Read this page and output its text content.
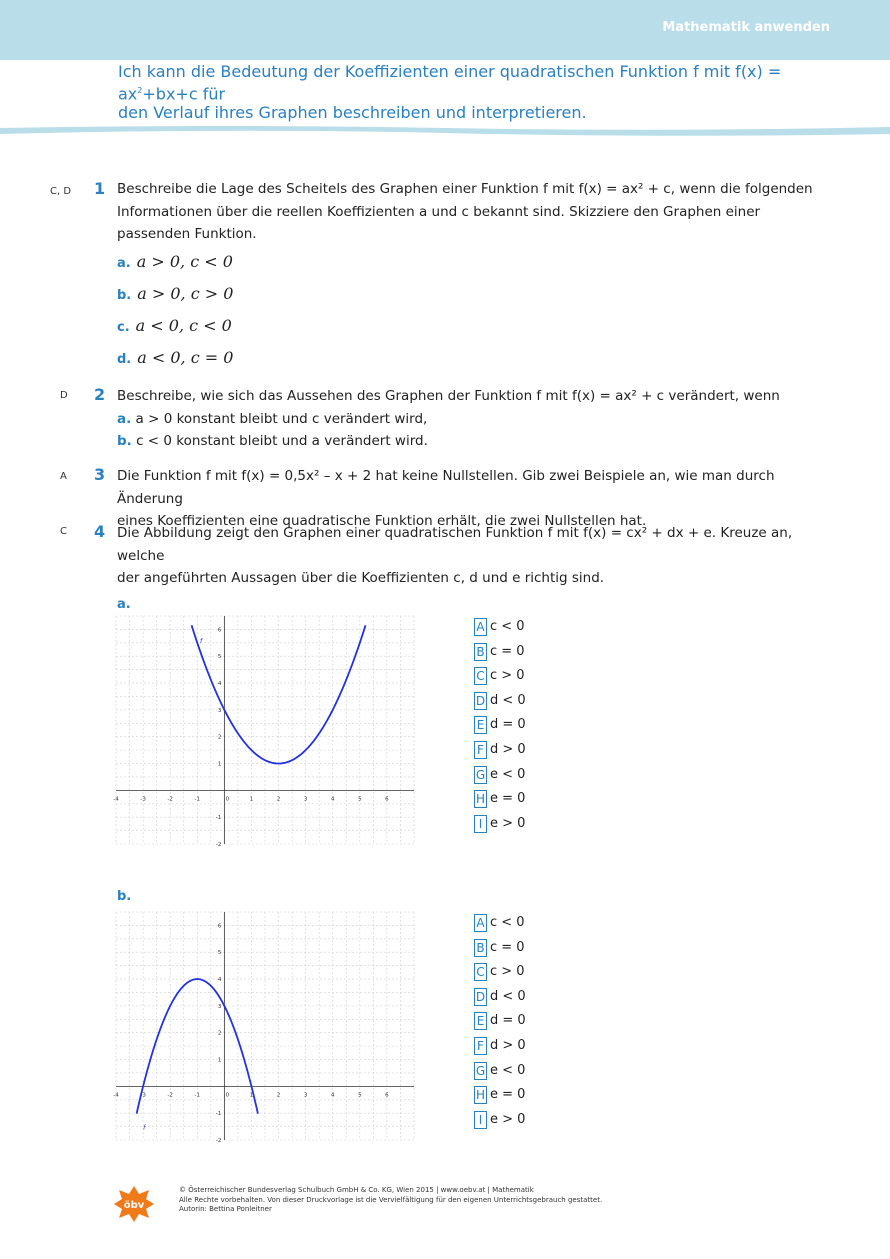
Mathematik anwenden
Ich kann die Bedeutung der Koeffizienten einer quadratischen Funktion f mit $f(x) = ax^2+bx+c$ für
den Verlauf ihres Graphen beschreiben und interpretieren.
C, D 1 Beschreibe die Lage des Scheitels des Graphen einer Funktion f mit f(x) = ax² + c, wenn die folgenden
Informationen über die reellen Koeffizienten a und c bekannt sind. Skizziere den Graphen einer
passenden Funktion.
a. a > 0, c < 0
b. a > 0, c > 0
c. a < 0, c < 0
d. a < 0, c = 0
D 2 Beschreibe, wie sich das Aussehen des Graphen der Funktion f mit f(x) = ax² + c verändert, wenn
a. a > 0 konstant bleibt und c verändert wird,
b. c < 0 konstant bleibt und a verändert wird.
A 3 Die Funktion f mit f(x) = 0,5x² – x + 2 hat keine Nullstellen. Gib zwei Beispiele an, wie man durch Änderung
eines Koeffizienten eine quadratische Funktion erhält, die zwei Nullstellen hat.
C 4 Die Abbildung zeigt den Graphen einer quadratischen Funktion f mit f(x) = cx² + dx + e. Kreuze an, welche
der angeführten Aussagen über die Koeffizienten c, d und e richtig sind.
a.
-4	-3	-2	-1	0	1	2	3	4	5	6
-2
-1
1
2
3
4
5
6
f
b.
-4	-3	-2	-1	0	1	2	3	4	5	6
-2
-1
1
2
3
4
5
6
f
A c < 0
B c = 0
C c > 0
D d < 0
E d = 0
F d > 0
G e < 0
H e = 0
I e > 0
A c < 0
B c = 0
C c > 0
D d < 0
E d = 0
F d > 0
G e < 0
H e = 0
I e > 0
öbv
© Österreichischer Bundesverlag Schulbuch GmbH & Co. KG, Wien 2015 | www.oebv.at | Mathematik
Alle Rechte vorbehalten. Von dieser Druckvorlage ist die Vervielfältigung für den eigenen Unterrichtsgebrauch gestattet.
Autorin: Bettina Ponleitner
